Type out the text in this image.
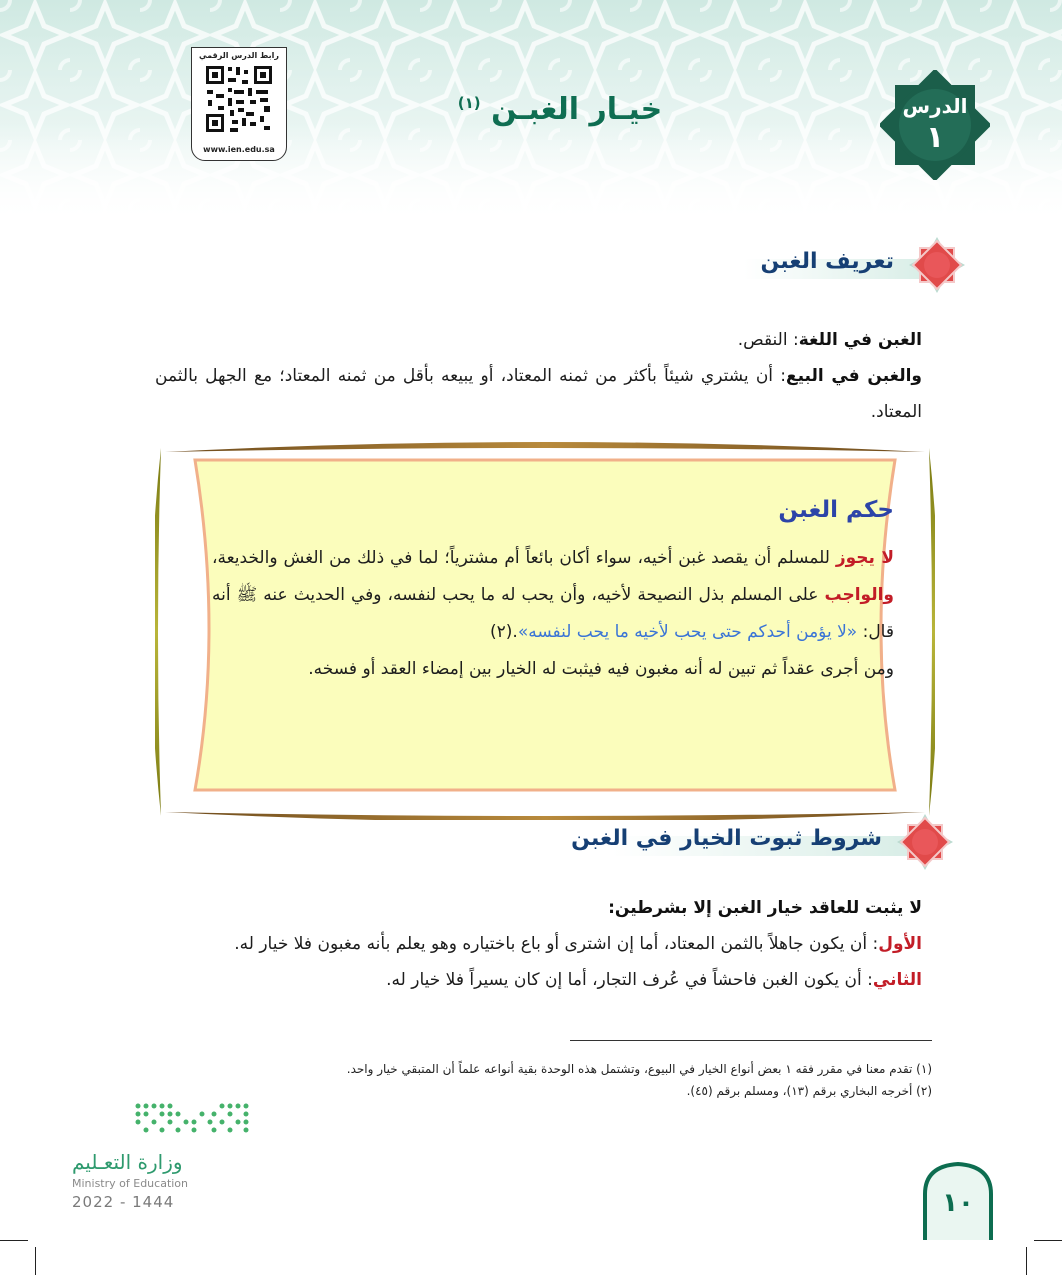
رابط الدرس الرقمي
www.ien.edu.sa
خيـار الغبـن $^{(١)}$	الدرس
١
تعريف الغبن
الغبن في اللغة: النقص.
والغبن في البيع: أن يشتري شيئاً بأكثر من ثمنه المعتاد، أو يبيعه بأقل من ثمنه المعتاد؛ مع الجهل بالثمن المعتاد.
حكم الغبن
لا يجوز للمسلم أن يقصد غبن أخيه، سواء أكان بائعاً أم مشترياً؛ لما في ذلك من الغش والخديعة، والواجب على المسلم بذل النصيحة لأخيه، وأن يحب له ما يحب لنفسه، وفي الحديث عنه ﷺ أنه قال: «لا يؤمن أحدكم حتى يحب لأخيه ما يحب لنفسه».(٢)
ومن أجرى عقداً ثم تبين له أنه مغبون فيه فيثبت له الخيار بين إمضاء العقد أو فسخه.
شروط ثبوت الخيار في الغبن
لا يثبت للعاقد خيار الغبن إلا بشرطين:
الأول: أن يكون جاهلاً بالثمن المعتاد، أما إن اشترى أو باع باختياره وهو يعلم بأنه مغبون فلا خيار له.
الثاني: أن يكون الغبن فاحشاً في عُرف التجار، أما إن كان يسيراً فلا خيار له.
(١) تقدم معنا في مقرر فقه ١ بعض أنواع الخيار في البيوع، وتشتمل هذه الوحدة بقية أنواعه علماً أن المتبقي خيار واحد.
(٢) أخرجه البخاري برقم (١٣)، ومسلم برقم (٤٥).
وزارة التعـليم
Ministry of Education
2022 - 1444	١٠
